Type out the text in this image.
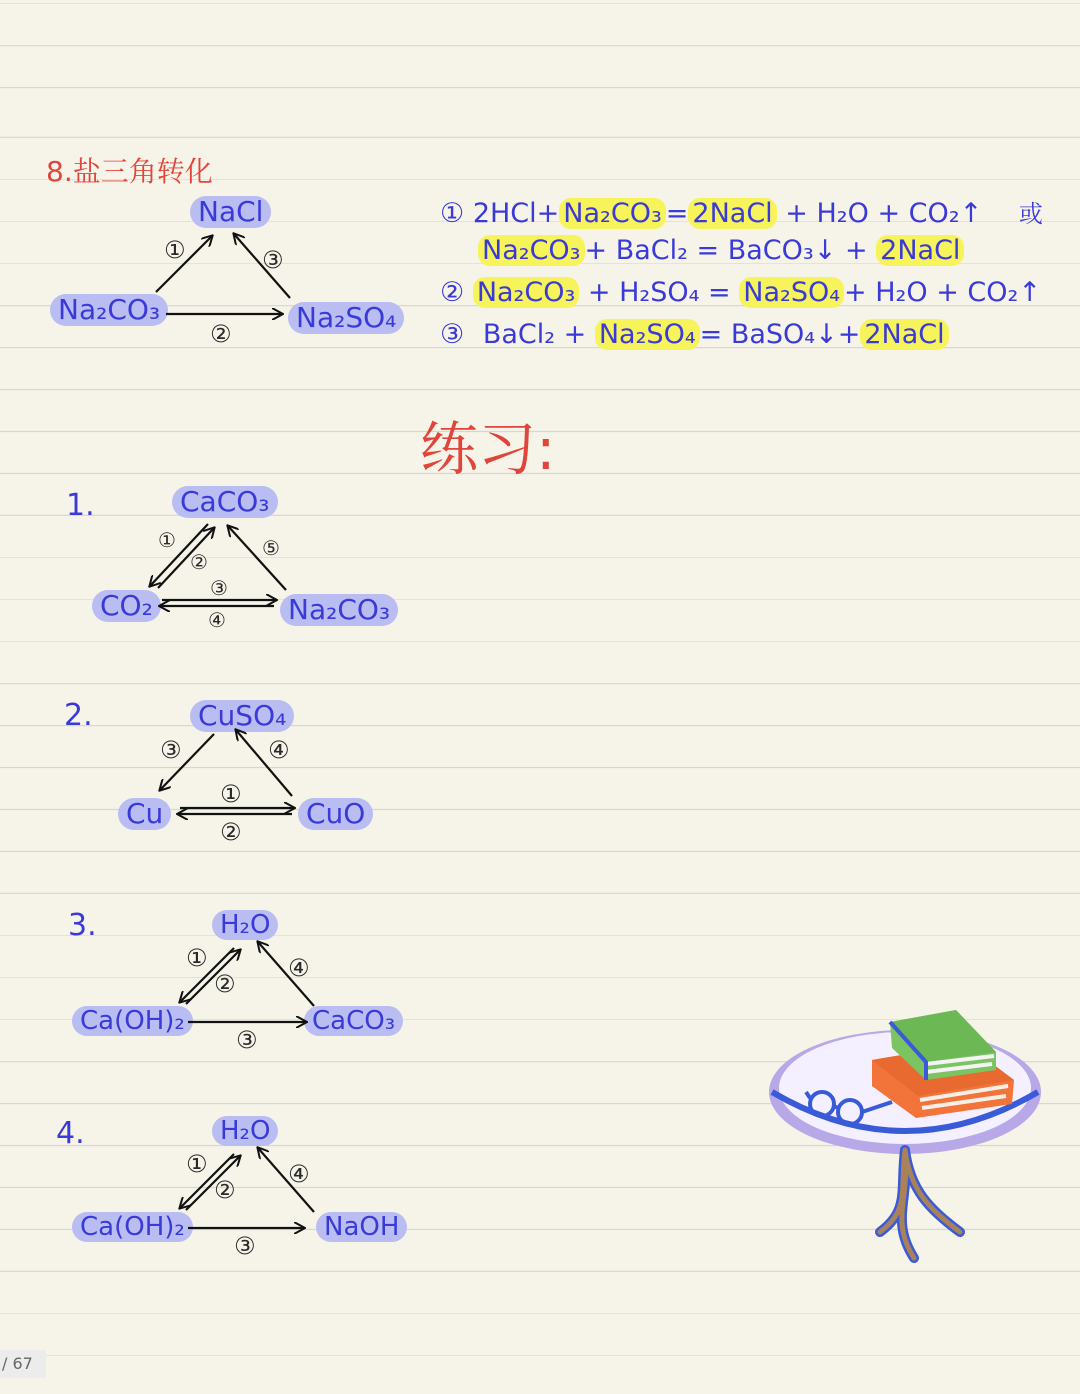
8.盐三角转化
NaCl
Na₂CO₃	Na₂SO₄
①
②
③
① 2HCl+ Na₂CO₃ = 2NaCl + H₂O + CO₂↑ 或
Na₂CO₃ + BaCl₂ = BaCO₃↓ + 2NaCl
② Na₂CO₃ + H₂SO₄ = Na₂SO₄ + H₂O + CO₂↑
③ BaCl₂ + Na₂SO₄ = BaSO₄↓+ 2NaCl
练习:
1.	CaCO₃
CO₂	Na₂CO₃
①
②
⑤
③
④
2.	CuSO₄
Cu	CuO
③	④
①
②
3.	H₂O
Ca(OH)₂	CaCO₃
①
②
④
③
4.	H₂O
Ca(OH)₂	NaOH
①
②
④
③
/ 67
